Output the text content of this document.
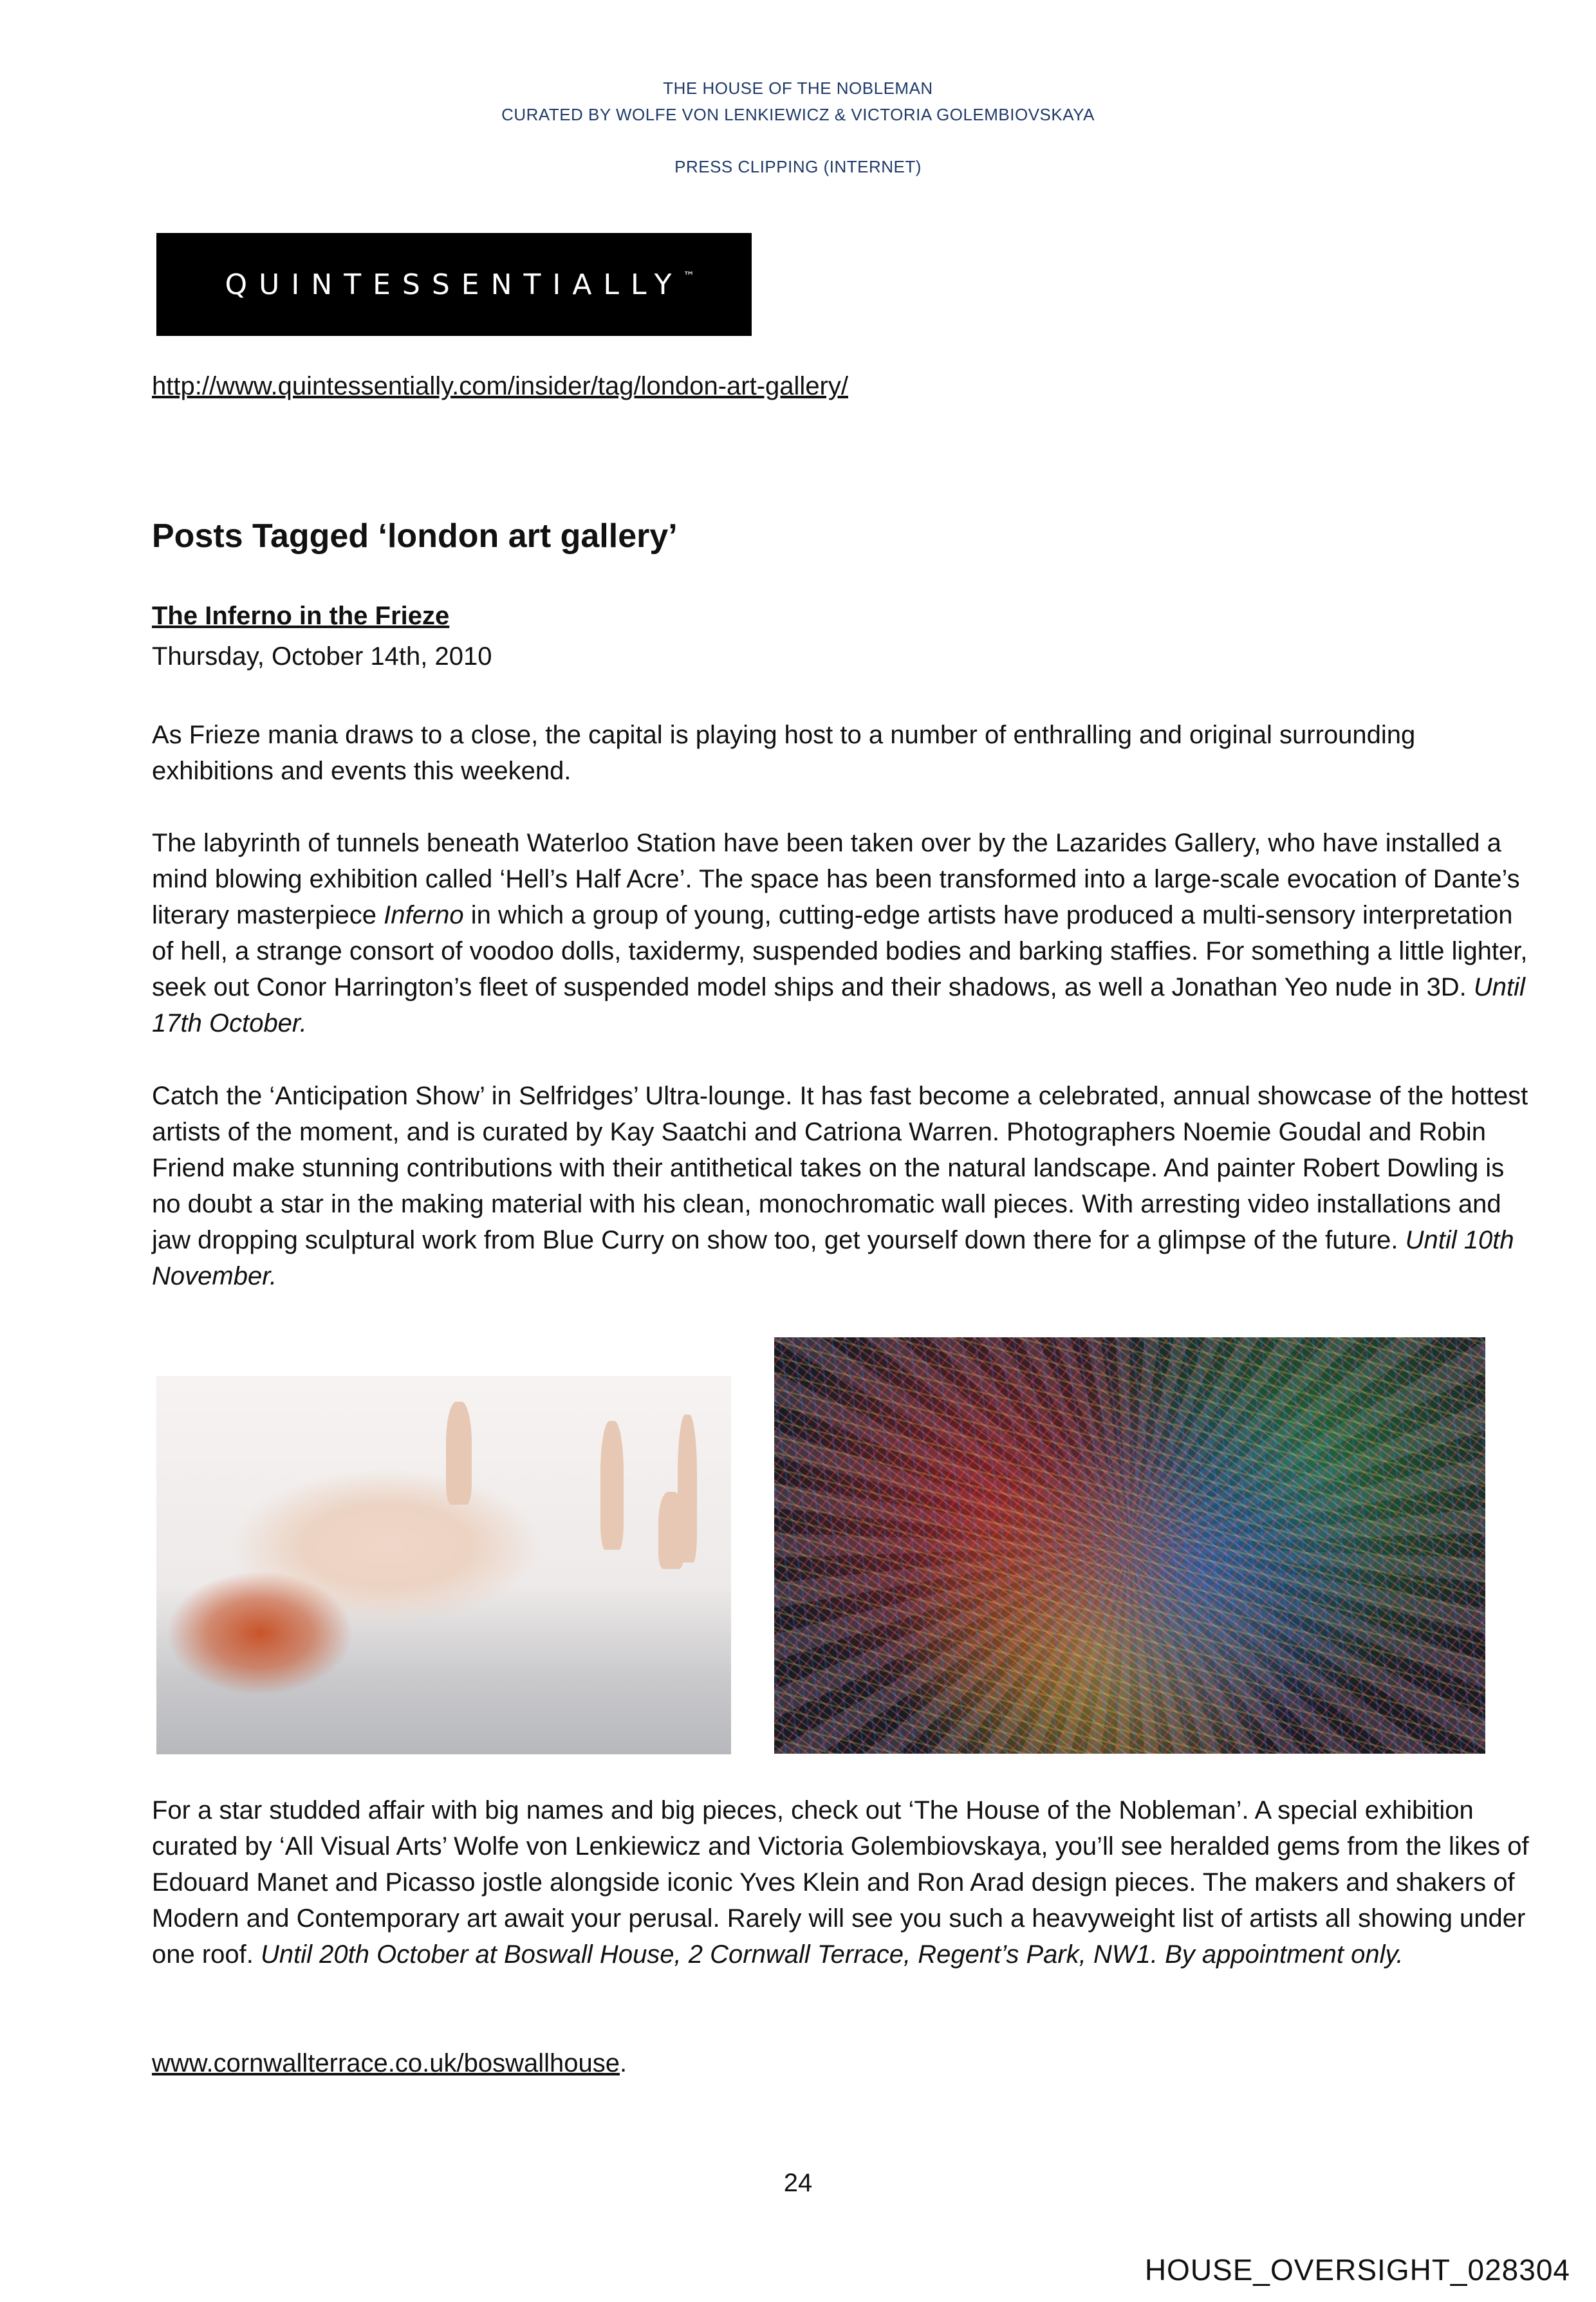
THE HOUSE OF THE NOBLEMAN
CURATED BY WOLFE VON LENKIEWICZ & VICTORIA GOLEMBIOVSKAYA
PRESS CLIPPING (INTERNET)
QUINTESSENTIALLY™
http://www.quintessentially.com/insider/tag/london-art-gallery/
Posts Tagged ‘london art gallery’
The Inferno in the Frieze
Thursday, October 14th, 2010

As Frieze mania draws to a close, the capital is playing host to a number of enthralling and original surrounding exhibitions and events this weekend.

The labyrinth of tunnels beneath Waterloo Station have been taken over by the Lazarides Gallery, who have installed a mind blowing exhibition called ‘Hell’s Half Acre’. The space has been transformed into a large-scale evocation of Dante’s literary masterpiece Inferno in which a group of young, cutting-edge artists have produced a multi-sensory interpretation of hell, a strange consort of voodoo dolls, taxidermy, suspended bodies and barking staffies. For something a little lighter, seek out Conor Harrington’s fleet of suspended model ships and their shadows, as well a Jonathan Yeo nude in 3D. Until 17th October.

Catch the ‘Anticipation Show’ in Selfridges’ Ultra-lounge. It has fast become a celebrated, annual showcase of the hottest artists of the moment, and is curated by Kay Saatchi and Catriona Warren. Photographers Noemie Goudal and Robin Friend make stunning contributions with their antithetical takes on the natural landscape. And painter Robert Dowling is no doubt a star in the making material with his clean, monochromatic wall pieces. With arresting video installations and jaw dropping sculptural work from Blue Curry on show too, get yourself down there for a glimpse of the future. Until 10th November.

For a star studded affair with big names and big pieces, check out ‘The House of the Nobleman’. A special exhibition curated by ‘All Visual Arts’ Wolfe von Lenkiewicz and Victoria Golembiovskaya, you’ll see heralded gems from the likes of Edouard Manet and Picasso jostle alongside iconic Yves Klein and Ron Arad design pieces. The makers and shakers of Modern and Contemporary art await your perusal. Rarely will see you such a heavyweight list of artists all showing under one roof. Until 20th October at Boswall House, 2 Cornwall Terrace, Regent’s Park, NW1. By appointment only.

www.cornwallterrace.co.uk/boswallhouse.

24
HOUSE_OVERSIGHT_028304
